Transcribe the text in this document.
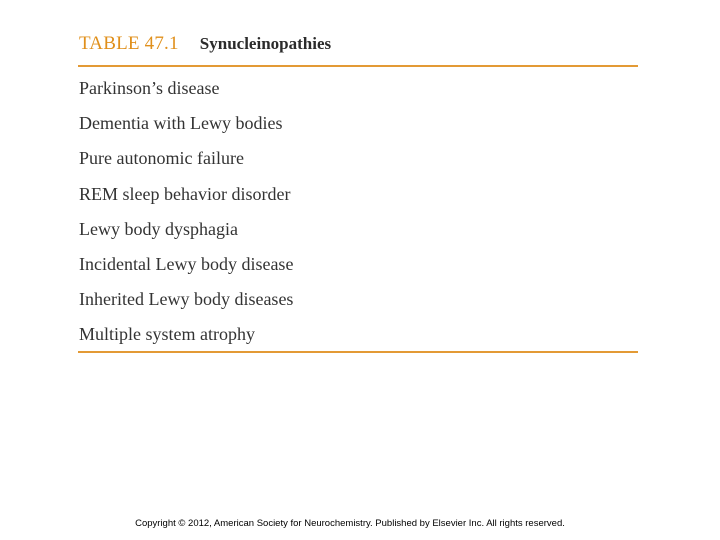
TABLE 47.1 Synucleinopathies
Parkinson’s disease
Dementia with Lewy bodies
Pure autonomic failure
REM sleep behavior disorder
Lewy body dysphagia
Incidental Lewy body disease
Inherited Lewy body diseases
Multiple system atrophy
Copyright © 2012, American Society for Neurochemistry. Published by Elsevier Inc. All rights reserved.
